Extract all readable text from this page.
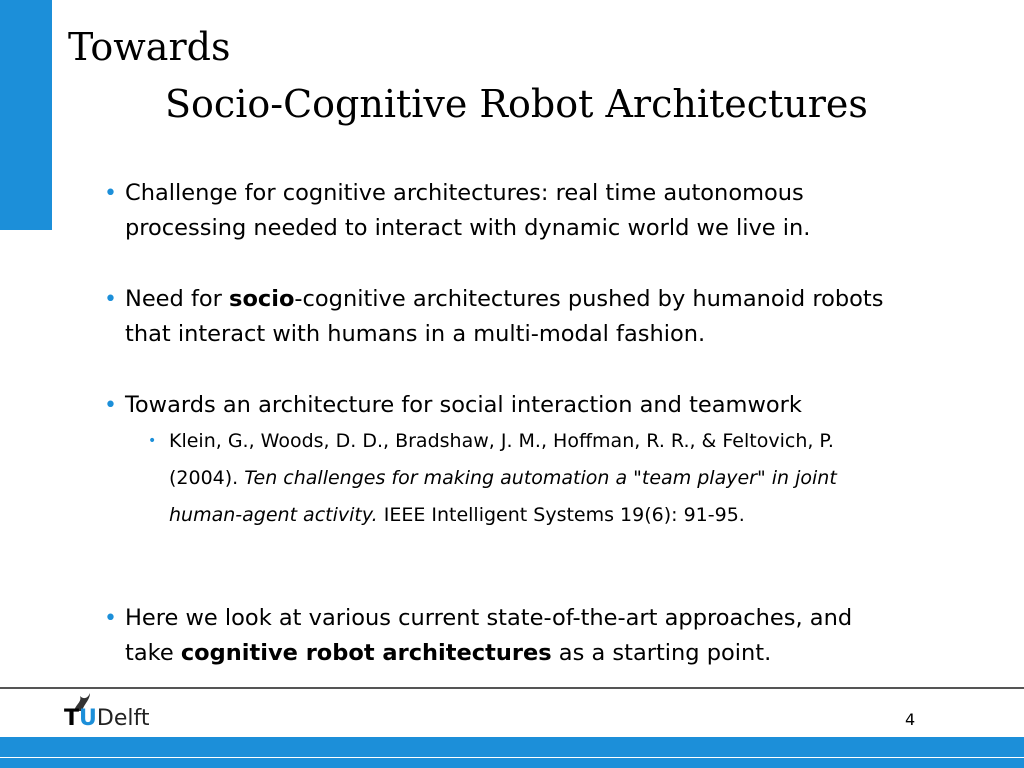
Towards
Socio-Cognitive Robot Architectures
• Challenge for cognitive architectures: real time autonomous processing needed to interact with dynamic world we live in.
• Need for socio-cognitive architectures pushed by humanoid robots that interact with humans in a multi-modal fashion.
• Towards an architecture for social interaction and teamwork
• Klein, G., Woods, D. D., Bradshaw, J. M., Hoffman, R. R., & Feltovich, P. (2004). Ten challenges for making automation a "team player" in joint human-agent activity. IEEE Intelligent Systems 19(6): 91-95.
• Here we look at various current state-of-the-art approaches, and take cognitive robot architectures as a starting point.
TUDelft	4
